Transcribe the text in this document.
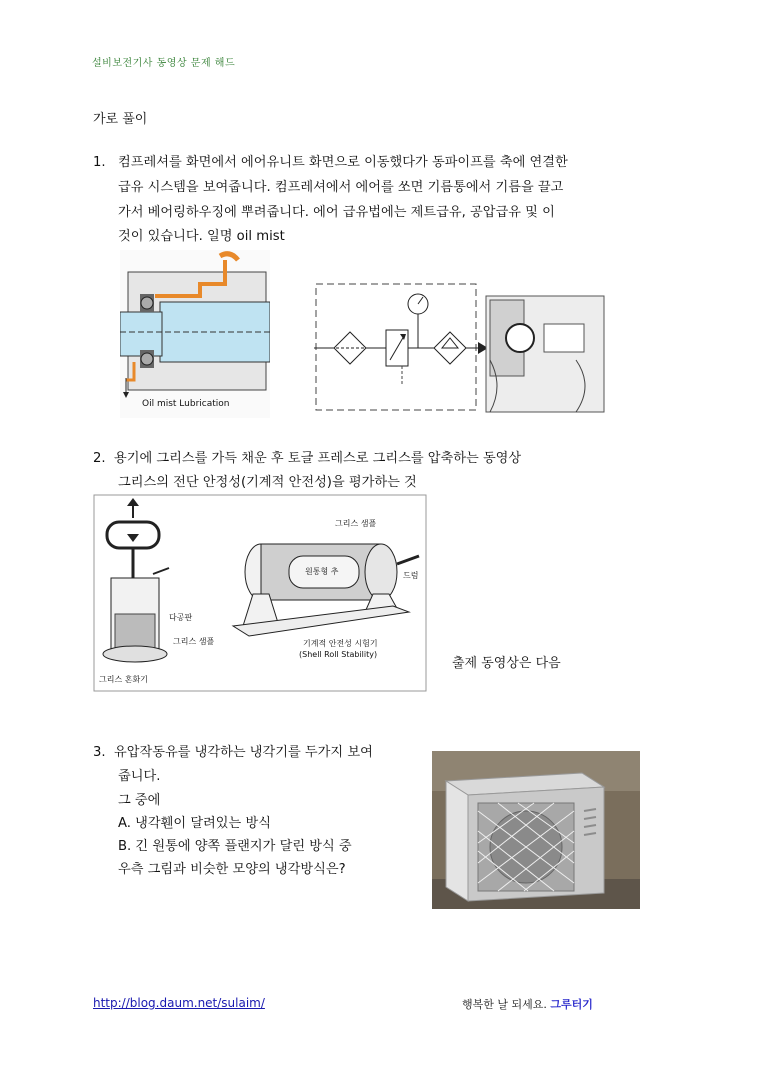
설비보전기사 동영상 문제 해드
가로 풀이
1. 컴프레셔를 화면에서 에어유니트 화면으로 이동했다가 동파이프를 축에 연결한
급유 시스템을 보여줍니다. 컴프레셔에서 에어를 쏘면 기름통에서 기름을 끌고
가서 베어링하우징에 뿌려줍니다. 에어 급유법에는 제트급유, 공압급유 및 이
것이 있습니다. 일명 oil mist
Oil mist Lubrication
2. 용기에 그리스를 가득 채운 후 토글 프레스로 그리스를 압축하는 동영상
그리스의 전단 안정성(기계적 안전성)을 평가하는 것
다공판
그리스 샘플
그리스 혼화기
그리스 샘플
원통형 추	드럼
기계적 안전성 시험기
(Shell Roll Stability)
출제 동영상은 다음
3. 유압작동유를 냉각하는 냉각기를 두가지 보여
줍니다.
그 중에
A. 냉각휀이 달려있는 방식
B. 긴 원통에 양쪽 플랜지가 달린 방식 중
우측 그림과 비슷한 모양의 냉각방식은?
http://blog.daum.net/sulaim/	행복한 날 되세요. 그루터기
